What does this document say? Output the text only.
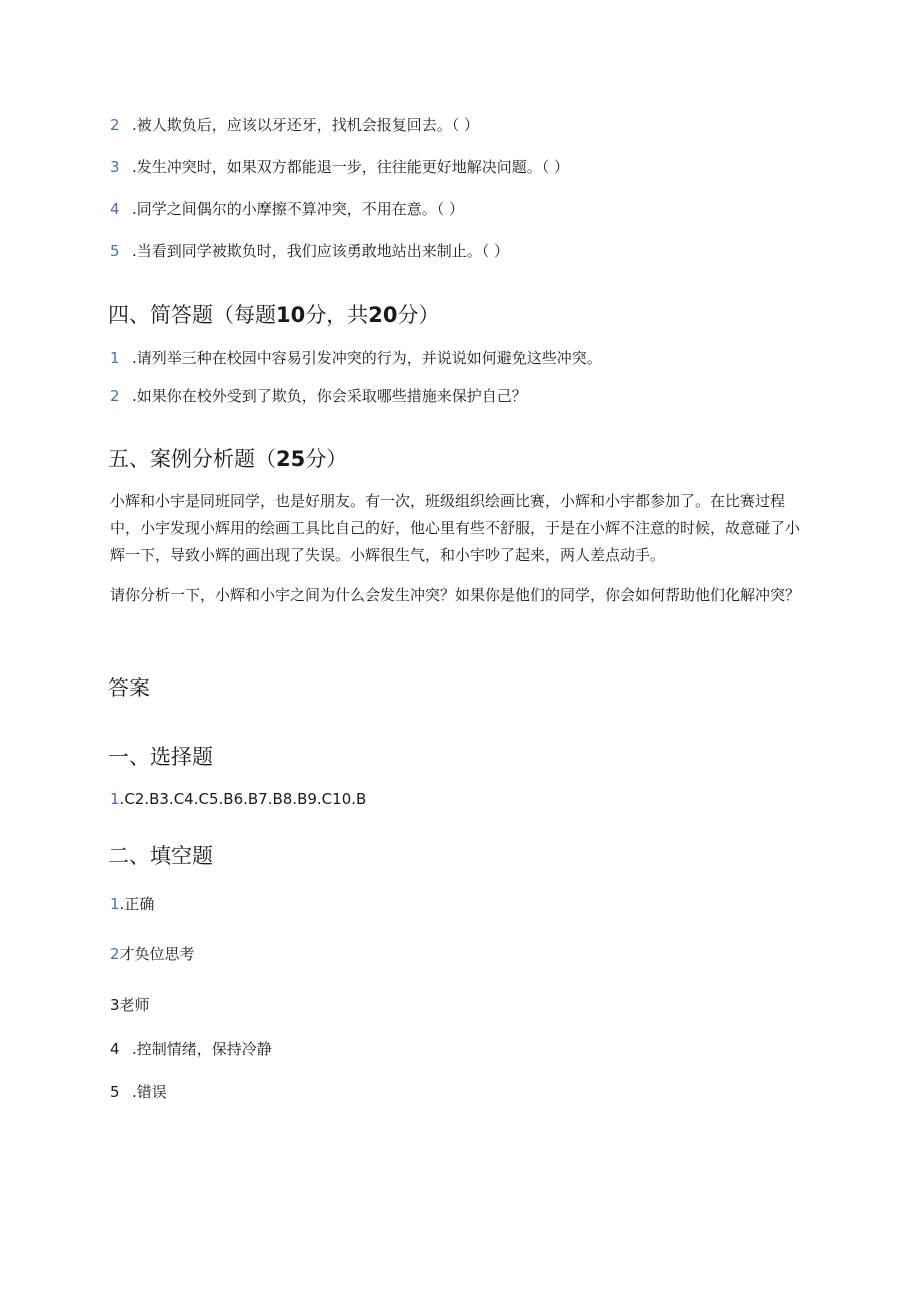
2 .被人欺负后，应该以牙还牙，找机会报复回去。（ ）
3 .发生冲突时，如果双方都能退一步，往往能更好地解决问题。（ ）
4 .同学之间偶尔的小摩擦不算冲突，不用在意。（ ）
5 .当看到同学被欺负时，我们应该勇敢地站出来制止。（ ）
四、简答题（每题10分，共20分）
1 .请列举三种在校园中容易引发冲突的行为，并说说如何避免这些冲突。
2 .如果你在校外受到了欺负，你会采取哪些措施来保护自己？
五、案例分析题（25分）
小辉和小宇是同班同学，也是好朋友。有一次，班级组织绘画比赛，小辉和小宇都参加了。在比赛过程中，小宇发现小辉用的绘画工具比自己的好，他心里有些不舒服，于是在小辉不注意的时候，故意碰了小辉一下，导致小辉的画出现了失误。小辉很生气，和小宇吵了起来，两人差点动手。
请你分析一下，小辉和小宇之间为什么会发生冲突？如果你是他们的同学，你会如何帮助他们化解冲突？
答案
一、选择题
1.C2.B3.C4.C5.B6.B7.B8.B9.C10.B
二、填空题
1.正确
2才奂位思考
3老师
4 .控制情绪，保持冷静
5 .错误
